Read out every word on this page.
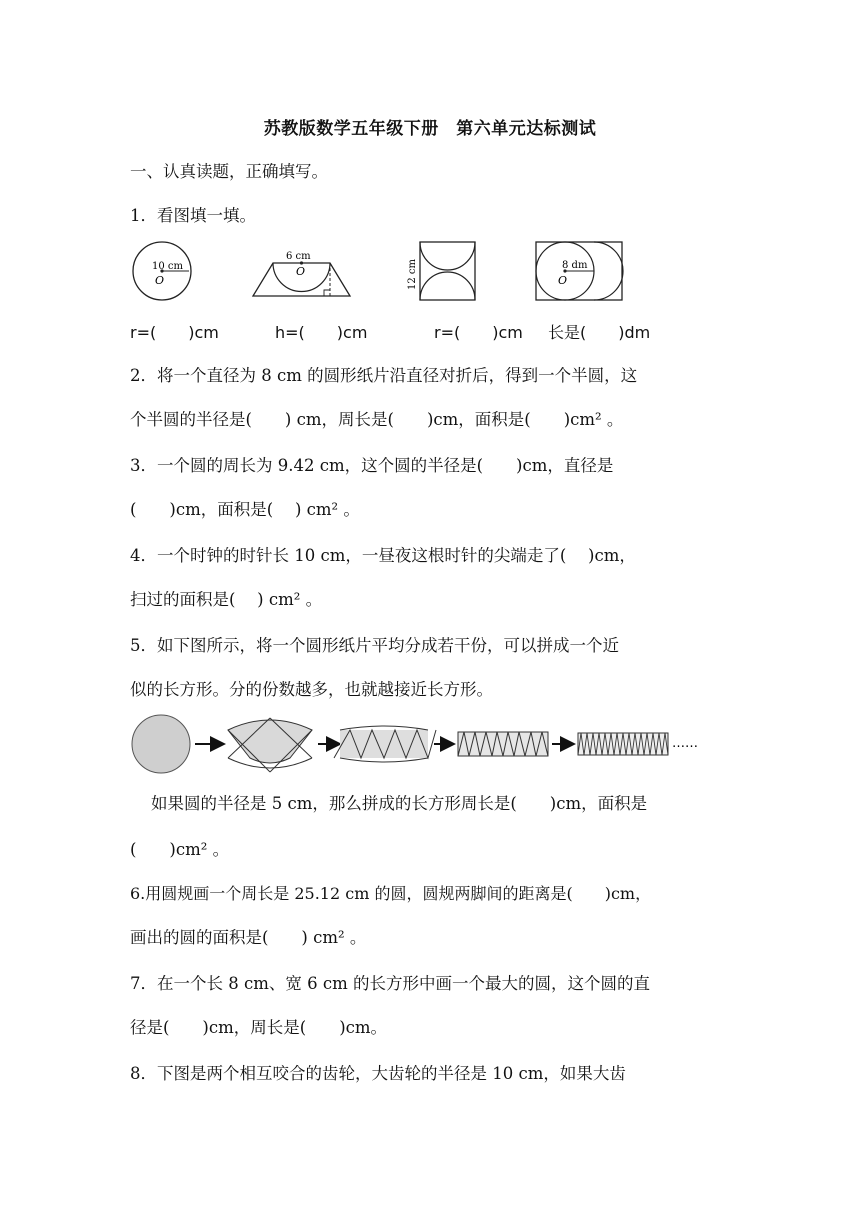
苏教版数学五年级下册　第六单元达标测试
一、认真读题，正确填写。
1．看图填一填。
10 cm
O
6 cm
O	12 cm	8 dm
O
r=(　　)cm	h=(　　)cm	r=(　　)cm 长是(　　)dm
2．将一个直径为 8 cm 的圆形纸片沿直径对折后，得到一个半圆，这
个半圆的半径是(　　) cm，周长是(　　)cm，面积是(　　)cm² 。
3．一个圆的周长为 9.42 cm，这个圆的半径是(　　)cm，直径是
(　　)cm，面积是(　 ) cm² 。
4．一个时钟的时针长 10 cm，一昼夜这根时针的尖端走了(　 )cm，
扫过的面积是(　 ) cm² 。
5．如下图所示，将一个圆形纸片平均分成若干份，可以拼成一个近
似的长方形。分的份数越多，也就越接近长方形。
……
如果圆的半径是 5 cm，那么拼成的长方形周长是(　　)cm，面积是
(　　)cm² 。
6.用圆规画一个周长是 25.12 cm 的圆，圆规两脚间的距离是(　　)cm，
画出的圆的面积是(　　) cm² 。
7．在一个长 8 cm、宽 6 cm 的长方形中画一个最大的圆，这个圆的直
径是(　　)cm，周长是(　　)cm。
8．下图是两个相互咬合的齿轮，大齿轮的半径是 10 cm，如果大齿
